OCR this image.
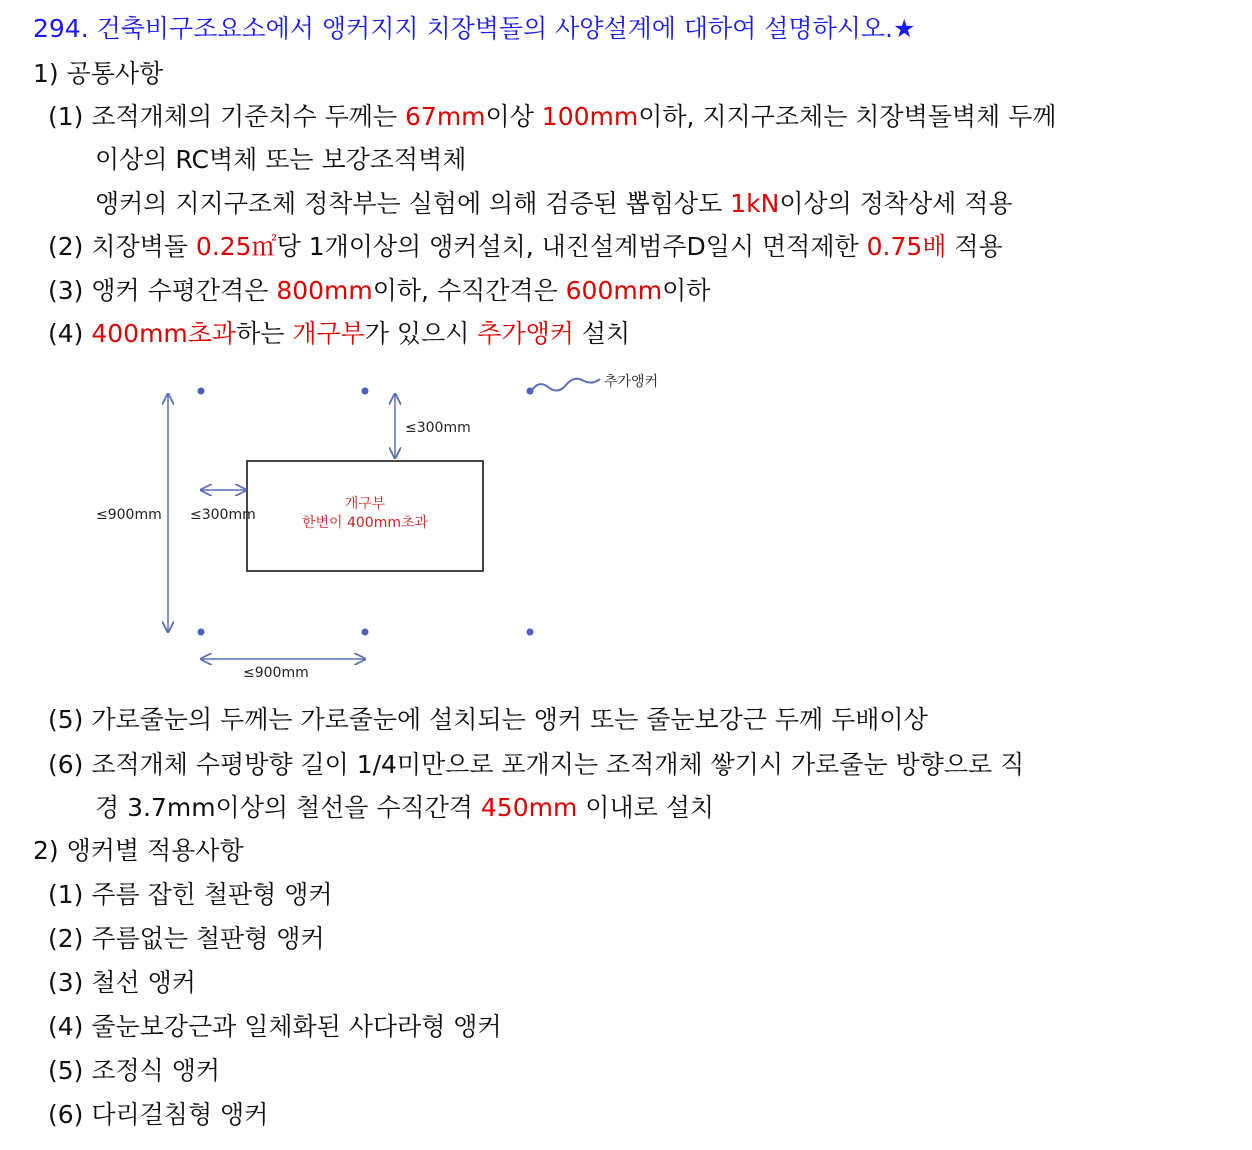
294. 건축비구조요소에서 앵커지지 치장벽돌의 사양설계에 대하여 설명하시오.★
1) 공통사항
(1) 조적개체의 기준치수 두께는 67mm이상 100mm이하, 지지구조체는 치장벽돌벽체 두께
이상의 RC벽체 또는 보강조적벽체
앵커의 지지구조체 정착부는 실험에 의해 검증된 뽑힘상도 1kN이상의 정착상세 적용
(2) 치장벽돌 0.25㎡당 1개이상의 앵커설치, 내진설계범주D일시 면적제한 0.75배 적용
(3) 앵커 수평간격은 800mm이하, 수직간격은 600mm이하
(4) 400mm초과하는 개구부가 있으시 추가앵커 설치
추가앵커
≤900mm
≤300mm
개구부
한변이 400mm초과
≤300mm
≤900mm
(5) 가로줄눈의 두께는 가로줄눈에 설치되는 앵커 또는 줄눈보강근 두께 두배이상
(6) 조적개체 수평방향 길이 1/4미만으로 포개지는 조적개체 쌓기시 가로줄눈 방향으로 직
경 3.7mm이상의 철선을 수직간격 450mm 이내로 설치
2) 앵커별 적용사항
(1) 주름 잡힌 철판형 앵커
(2) 주름없는 철판형 앵커
(3) 철선 앵커
(4) 줄눈보강근과 일체화된 사다라형 앵커
(5) 조정식 앵커
(6) 다리걸침형 앵커
